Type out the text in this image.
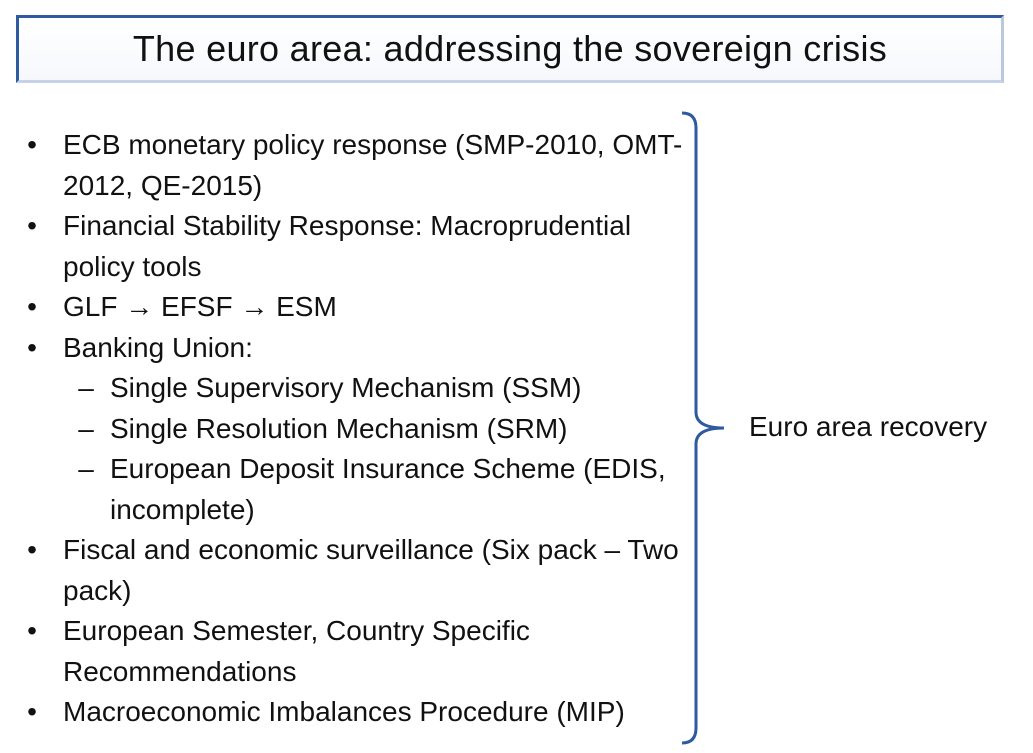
The euro area: addressing the sovereign crisis
• ECB monetary policy response (SMP-2010, OMT-2012, QE-2015)
• Financial Stability Response: Macroprudential policy tools
• GLF → EFSF → ESM
• Banking Union:
– Single Supervisory Mechanism (SSM)
– Single Resolution Mechanism (SRM)
– European Deposit Insurance Scheme (EDIS, incomplete)
• Fiscal and economic surveillance (Six pack – Two pack)
• European Semester, Country Specific Recommendations
• Macroeconomic Imbalances Procedure (MIP)
Euro area recovery
